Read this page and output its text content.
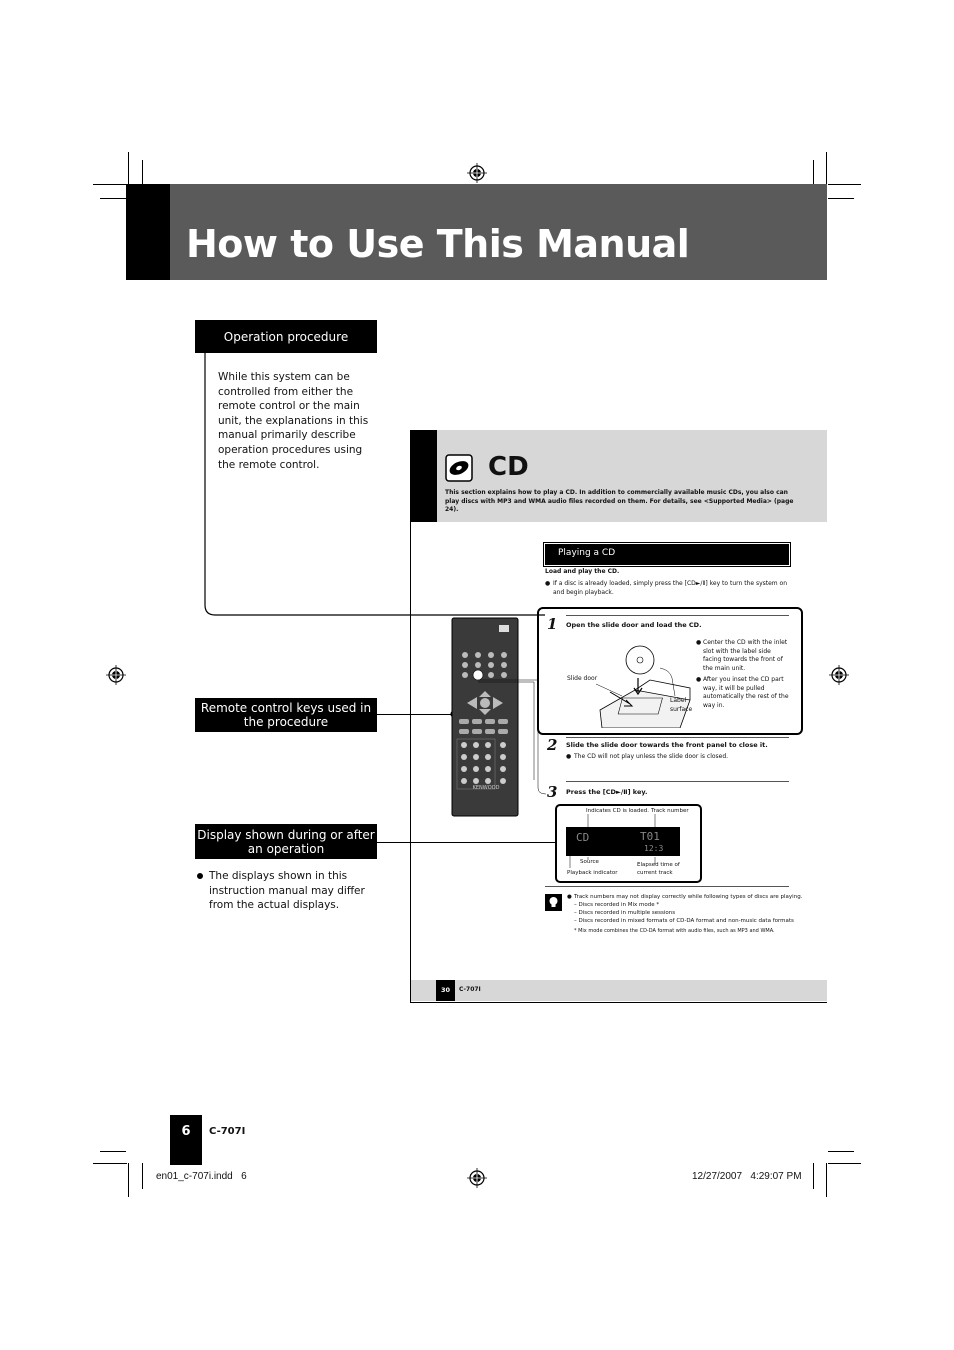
How to Use This Manual
Operation procedure
While this system can be controlled from either the remote control or the main unit, the explanations in this manual primarily describe operation procedures using the remote control.
Remote control keys used in the procedure
Display shown during or after an operation
The displays shown in this instruction manual may differ from the actual displays.
CD
This section explains how to play a CD. In addition to commercially available music CDs, you also can play discs with MP3 and WMA audio files recorded on them. For details, see <Supported Media> (page 24).
Playing a CD
Load and play the CD.
● If a disc is already loaded, simply press the [CD►/Ⅱ] key to turn the system on and begin playback.
1 Open the slide door and load the CD.
● Center the CD with the inlet slot with the label side facing towards the front of the main unit.
● After you inset the CD part way, it will be pulled automatically the rest of the way in.
Slide door
Label surface
2 Slide the slide door towards the front panel to close it.
● The CD will not play unless the slide door is closed.
3 Press the [CD►/Ⅱ] key.
Indicates CD is loaded. Track number
CD	T01
12:3
Source
Playback indicator
Elapsed time of current track
KENWOOD
● Track numbers may not display correctly while following types of discs are playing.
– Discs recorded in Mix mode *
– Discs recorded in multiple sessions
– Discs recorded in mixed formats of CD-DA format and non-music data formats
* Mix mode combines the CD-DA format with audio files, such as MP3 and WMA.
30	C-707I
6	C-707I
en01_c-707i.indd   6	12/27/2007   4:29:07 PM
